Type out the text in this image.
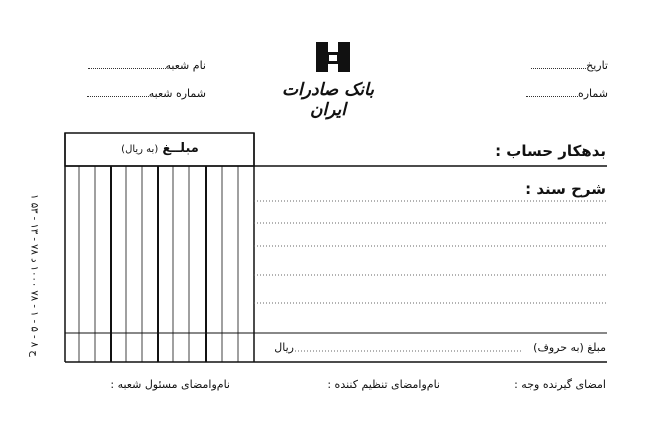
تاریخ
شماره
نام شعبه
شماره شعبه	بانک صادرات ایران
مبلــغ (به ریال)	بدهکار حساب :
شرح سند :
مبلغ (به حروف)
ریال
امضای گیرنده وجه :
نام‌وامضای تنظیم کننده :
نام‌وامضای مسئول شعبه :
ح ۸ - ۵ - ۱ - ۷۸ ۱۰۰۰ د ۷۸ - ۱۳ - ۵۳ ۱
